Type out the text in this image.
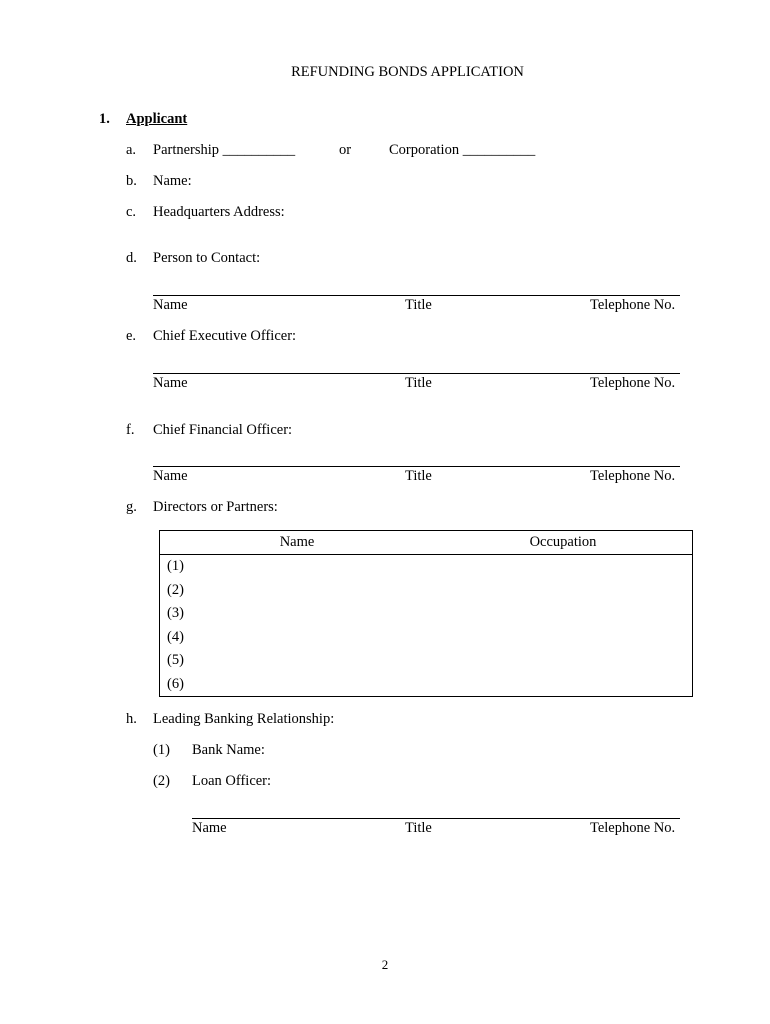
REFUNDING BONDS APPLICATION
1. Applicant
a. Partnership __________	or	Corporation __________
b. Name:
c. Headquarters Address:
d. Person to Contact:
Name	Title	Telephone No.
e. Chief Executive Officer:
Name	Title	Telephone No.
f. Chief Financial Officer:
Name	Title	Telephone No.
g. Directors or Partners:
Name	Occupation
(1)	
(2)	
(3)	
(4)	
(5)	
(6)	
h. Leading Banking Relationship:
(1) Bank Name:
(2) Loan Officer:
Name	Title	Telephone No.
2
